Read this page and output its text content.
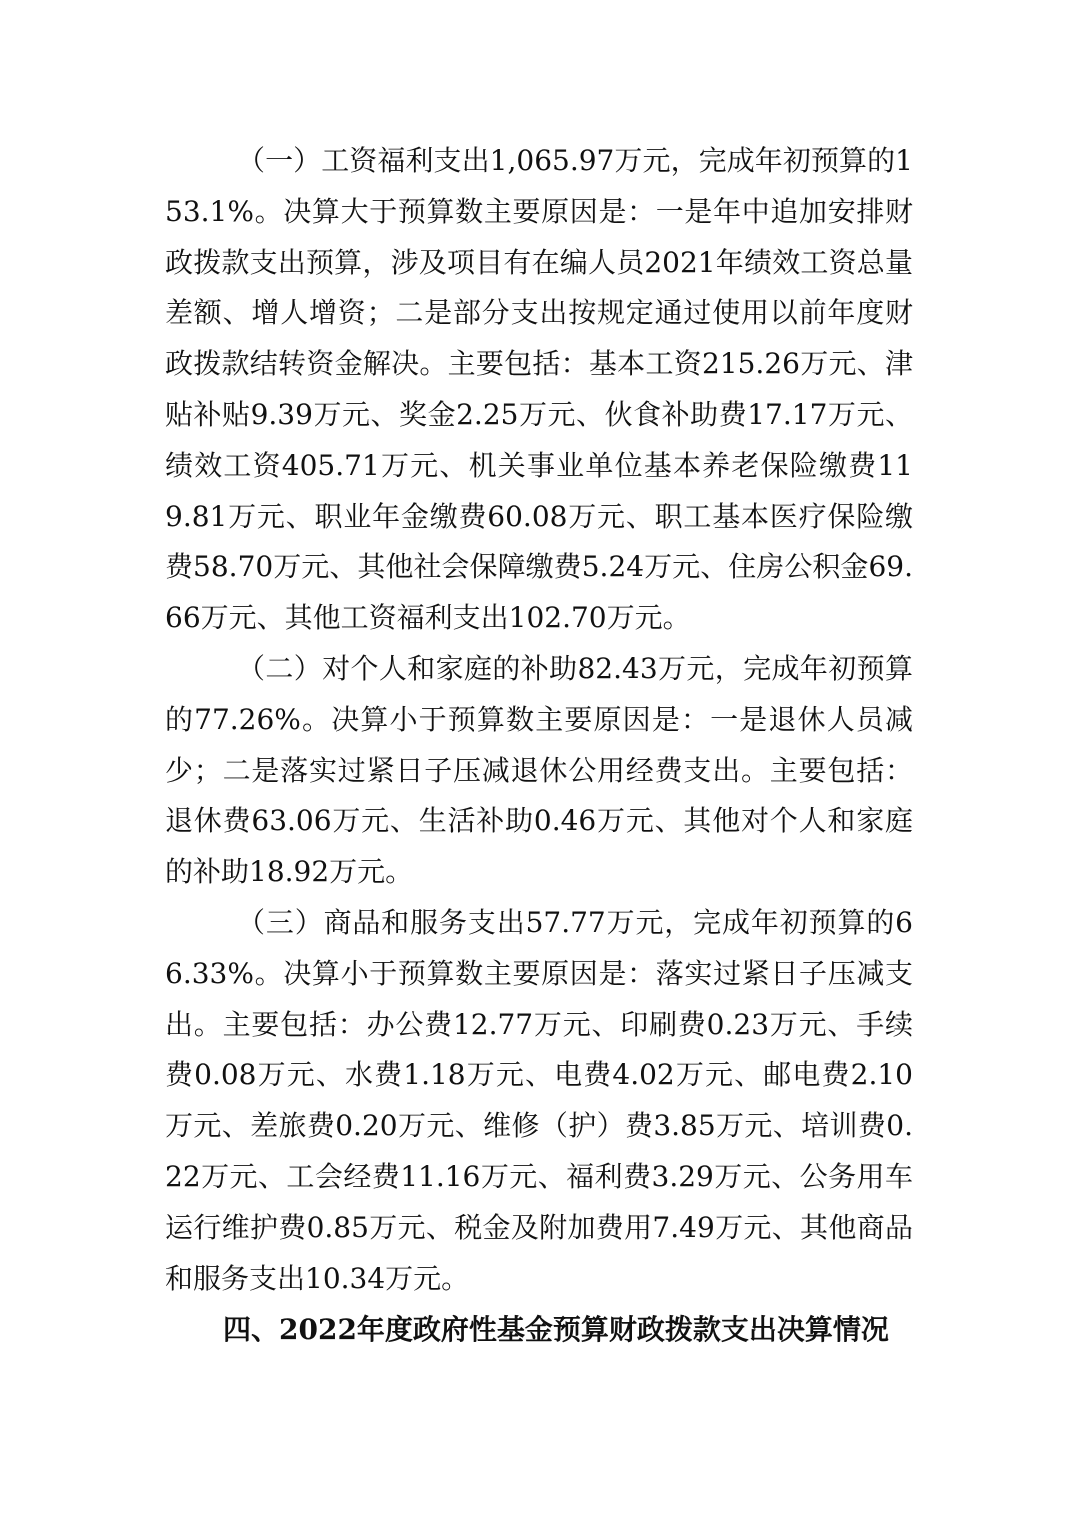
（一）工资福利支出1,065.97万元，完成年初预算的153.1%。决算大于预算数主要原因是：一是年中追加安排财政拨款支出预算，涉及项目有在编人员2021年绩效工资总量差额、增人增资；二是部分支出按规定通过使用以前年度财政拨款结转资金解决。主要包括：基本工资215.26万元、津贴补贴9.39万元、奖金2.25万元、伙食补助费17.17万元、绩效工资405.71万元、机关事业单位基本养老保险缴费119.81万元、职业年金缴费60.08万元、职工基本医疗保险缴费58.70万元、其他社会保障缴费5.24万元、住房公积金69.66万元、其他工资福利支出102.70万元。

（二）对个人和家庭的补助82.43万元，完成年初预算的77.26%。决算小于预算数主要原因是：一是退休人员减少；二是落实过紧日子压减退休公用经费支出。主要包括：退休费63.06万元、生活补助0.46万元、其他对个人和家庭的补助18.92万元。

（三）商品和服务支出57.77万元，完成年初预算的66.33%。决算小于预算数主要原因是：落实过紧日子压减支出。主要包括：办公费12.77万元、印刷费0.23万元、手续费0.08万元、水费1.18万元、电费4.02万元、邮电费2.10万元、差旅费0.20万元、维修（护）费3.85万元、培训费0.22万元、工会经费11.16万元、福利费3.29万元、公务用车运行维护费0.85万元、税金及附加费用7.49万元、其他商品和服务支出10.34万元。

四、2022年度政府性基金预算财政拨款支出决算情况
